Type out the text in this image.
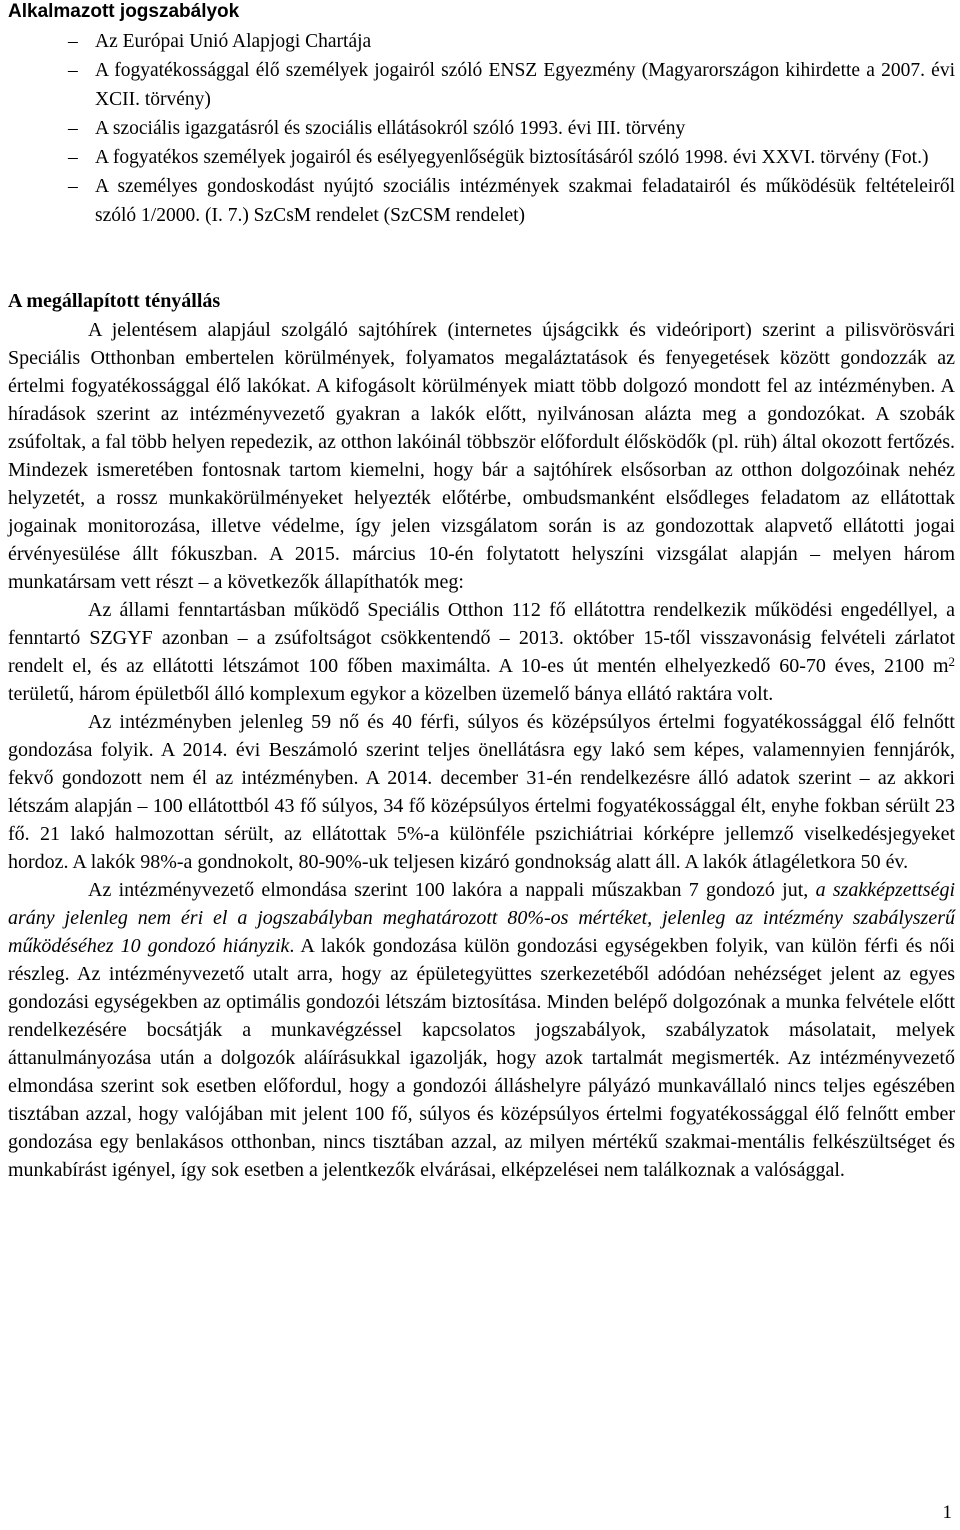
Alkalmazott jogszabályok
– Az Európai Unió Alapjogi Chartája
– A fogyatékossággal élő személyek jogairól szóló ENSZ Egyezmény (Magyarországon kihirdette a 2007. évi XCII. törvény)
– A szociális igazgatásról és szociális ellátásokról szóló 1993. évi III. törvény
– A fogyatékos személyek jogairól és esélyegyenlőségük biztosításáról szóló 1998. évi XXVI. törvény (Fot.)
– A személyes gondoskodást nyújtó szociális intézmények szakmai feladatairól és működésük feltételeiről szóló 1/2000. (I. 7.) SzCsM rendelet (SzCSM rendelet)
A megállapított tényállás

A jelentésem alapjául szolgáló sajtóhírek (internetes újságcikk és videóriport) szerint a pilisvörösvári Speciális Otthonban embertelen körülmények, folyamatos megaláztatások és fenyegetések között gondozzák az értelmi fogyatékossággal élő lakókat. A kifogásolt körülmények miatt több dolgozó mondott fel az intézményben. A híradások szerint az intézményvezető gyakran a lakók előtt, nyilvánosan alázta meg a gondozókat. A szobák zsúfoltak, a fal több helyen repedezik, az otthon lakóinál többször előfordult élősködők (pl. rüh) által okozott fertőzés. Mindezek ismeretében fontosnak tartom kiemelni, hogy bár a sajtóhírek elsősorban az otthon dolgozóinak nehéz helyzetét, a rossz munkakörülményeket helyezték előtérbe, ombudsmanként elsődleges feladatom az ellátottak jogainak monitorozása, illetve védelme, így jelen vizsgálatom során is az gondozottak alapvető ellátotti jogai érvényesülése állt fókuszban. A 2015. március 10-én folytatott helyszíni vizsgálat alapján – melyen három munkatársam vett részt – a következők állapíthatók meg:

Az állami fenntartásban működő Speciális Otthon 112 fő ellátottra rendelkezik működési engedéllyel, a fenntartó SZGYF azonban – a zsúfoltságot csökkentendő – 2013. október 15-től visszavonásig felvételi zárlatot rendelt el, és az ellátotti létszámot 100 főben maximálta. A 10-es út mentén elhelyezkedő 60-70 éves, 2100 $m^2$ területű, három épületből álló komplexum egykor a közelben üzemelő bánya ellátó raktára volt.

Az intézményben jelenleg 59 nő és 40 férfi, súlyos és középsúlyos értelmi fogyatékossággal élő felnőtt gondozása folyik. A 2014. évi Beszámoló szerint teljes önellátásra egy lakó sem képes, valamennyien fennjárók, fekvő gondozott nem él az intézményben. A 2014. december 31-én rendelkezésre álló adatok szerint – az akkori létszám alapján – 100 ellátottból 43 fő súlyos, 34 fő középsúlyos értelmi fogyatékossággal élt, enyhe fokban sérült 23 fő. 21 lakó halmozottan sérült, az ellátottak 5%-a különféle pszichiátriai kórképre jellemző viselkedésjegyeket hordoz. A lakók 98%-a gondnokolt, 80-90%-uk teljesen kizáró gondnokság alatt áll. A lakók átlagéletkora 50 év.

Az intézményvezető elmondása szerint 100 lakóra a nappali műszakban 7 gondozó jut, a szakképzettségi arány jelenleg nem éri el a jogszabályban meghatározott 80%-os mértéket, jelenleg az intézmény szabályszerű működéséhez 10 gondozó hiányzik. A lakók gondozása külön gondozási egységekben folyik, van külön férfi és női részleg. Az intézményvezető utalt arra, hogy az épületegyüttes szerkezetéből adódóan nehézséget jelent az egyes gondozási egységekben az optimális gondozói létszám biztosítása. Minden belépő dolgozónak a munka felvétele előtt rendelkezésére bocsátják a munkavégzéssel kapcsolatos jogszabályok, szabályzatok másolatait, melyek áttanulmányozása után a dolgozók aláírásukkal igazolják, hogy azok tartalmát megismerték. Az intézményvezető elmondása szerint sok esetben előfordul, hogy a gondozói álláshelyre pályázó munkavállaló nincs teljes egészében tisztában azzal, hogy valójában mit jelent 100 fő, súlyos és középsúlyos értelmi fogyatékossággal élő felnőtt ember gondozása egy benlakásos otthonban, nincs tisztában azzal, az milyen mértékű szakmai-mentális felkészültséget és munkabírást igényel, így sok esetben a jelentkezők elvárásai, elképzelései nem találkoznak a valósággal.

1
